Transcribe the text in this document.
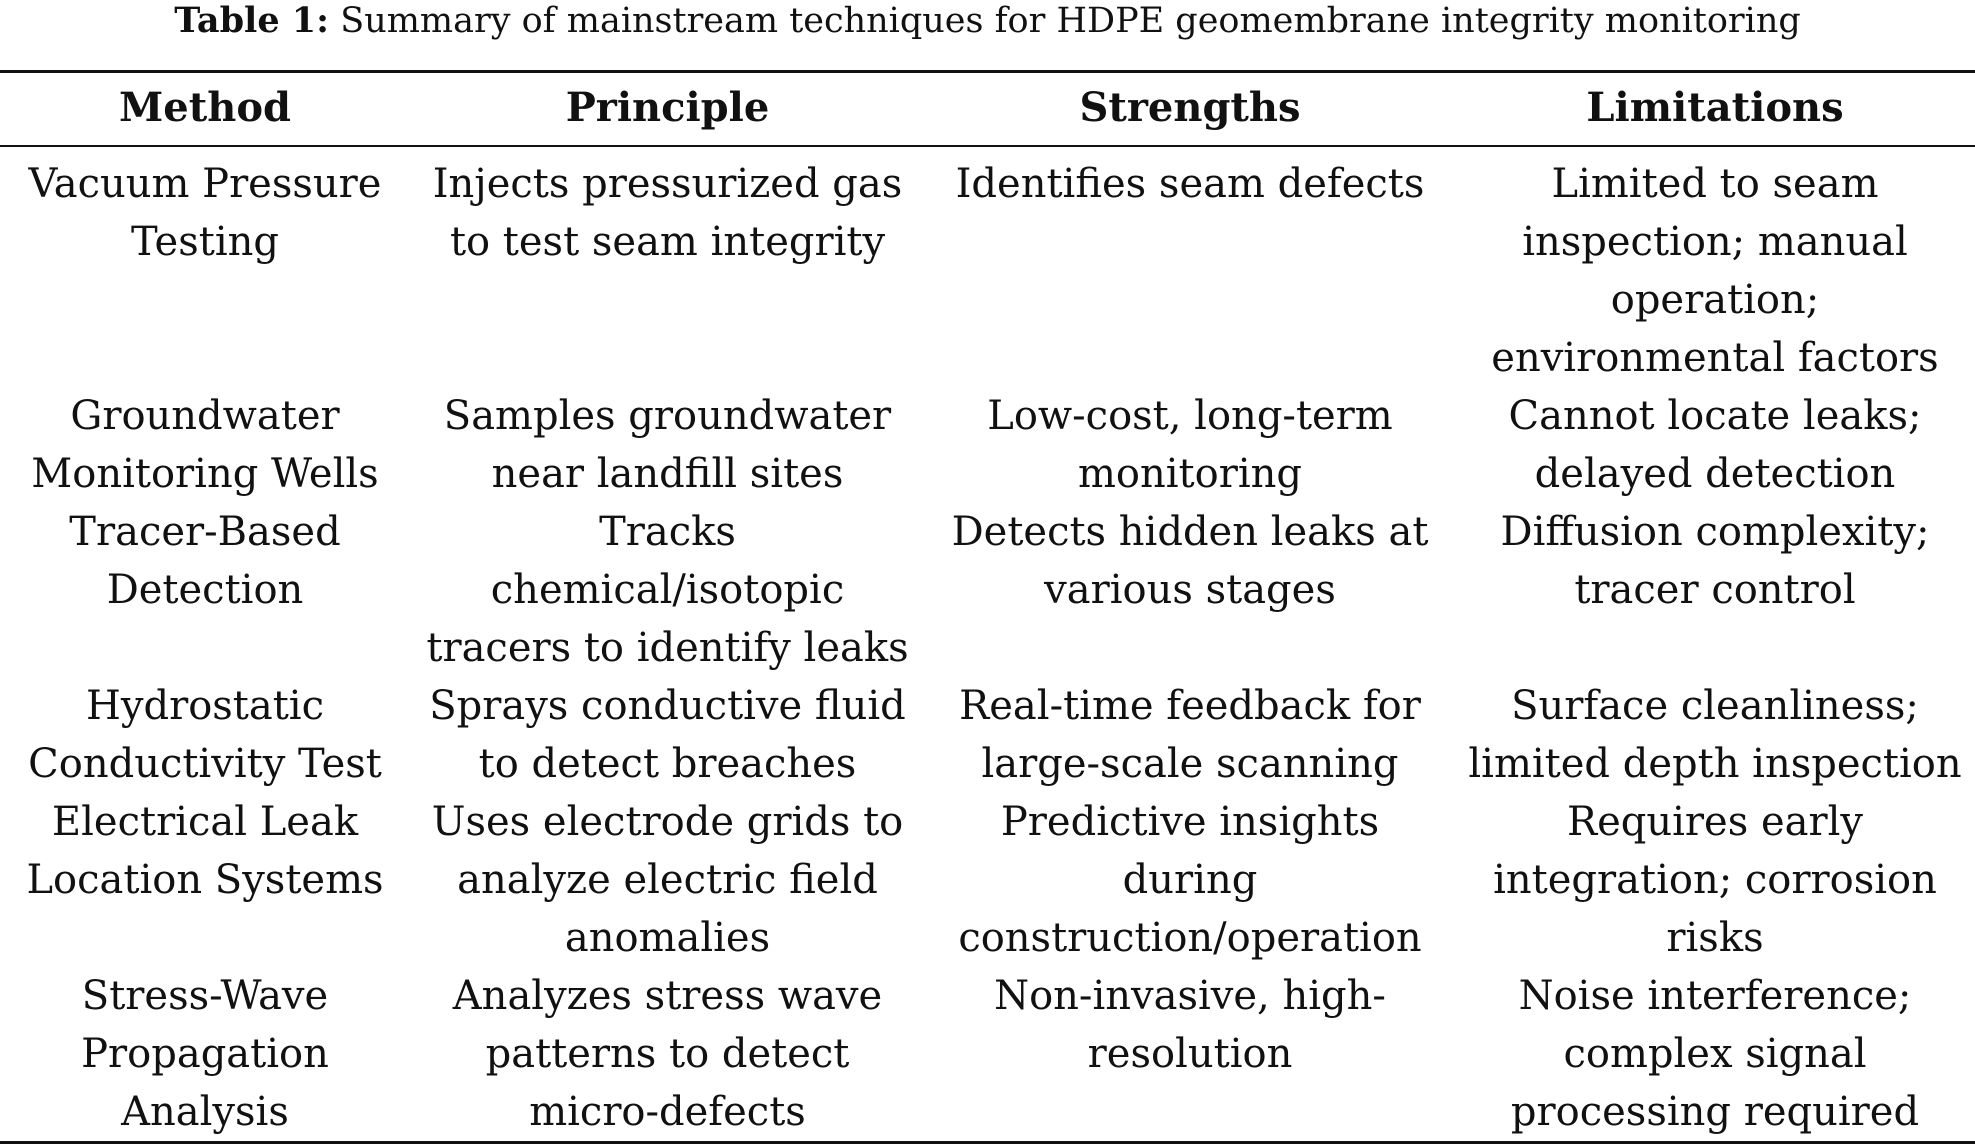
Table 1: Summary of mainstream techniques for HDPE geomembrane integrity monitoring
Method	Principle	Strengths	Limitations
Vacuum Pressure Testing	Injects pressurized gas to test seam integrity	Identifies seam defects	Limited to seam inspection; manual operation; environmental factors
Groundwater Monitoring Wells	Samples groundwater near landfill sites	Low-cost, long-term monitoring	Cannot locate leaks; delayed detection
Tracer-Based Detection	Tracks chemical/isotopic tracers to identify leaks	Detects hidden leaks at various stages	Diffusion complexity; tracer control
Hydrostatic Conductivity Test	Sprays conductive fluid to detect breaches	Real-time feedback for large-scale scanning	Surface cleanliness; limited depth inspection
Electrical Leak Location Systems	Uses electrode grids to analyze electric field anomalies	Predictive insights during construction/operation	Requires early integration; corrosion risks
Stress-Wave Propagation Analysis	Analyzes stress wave patterns to detect micro-defects	Non-invasive, high-resolution	Noise interference; complex signal processing required
